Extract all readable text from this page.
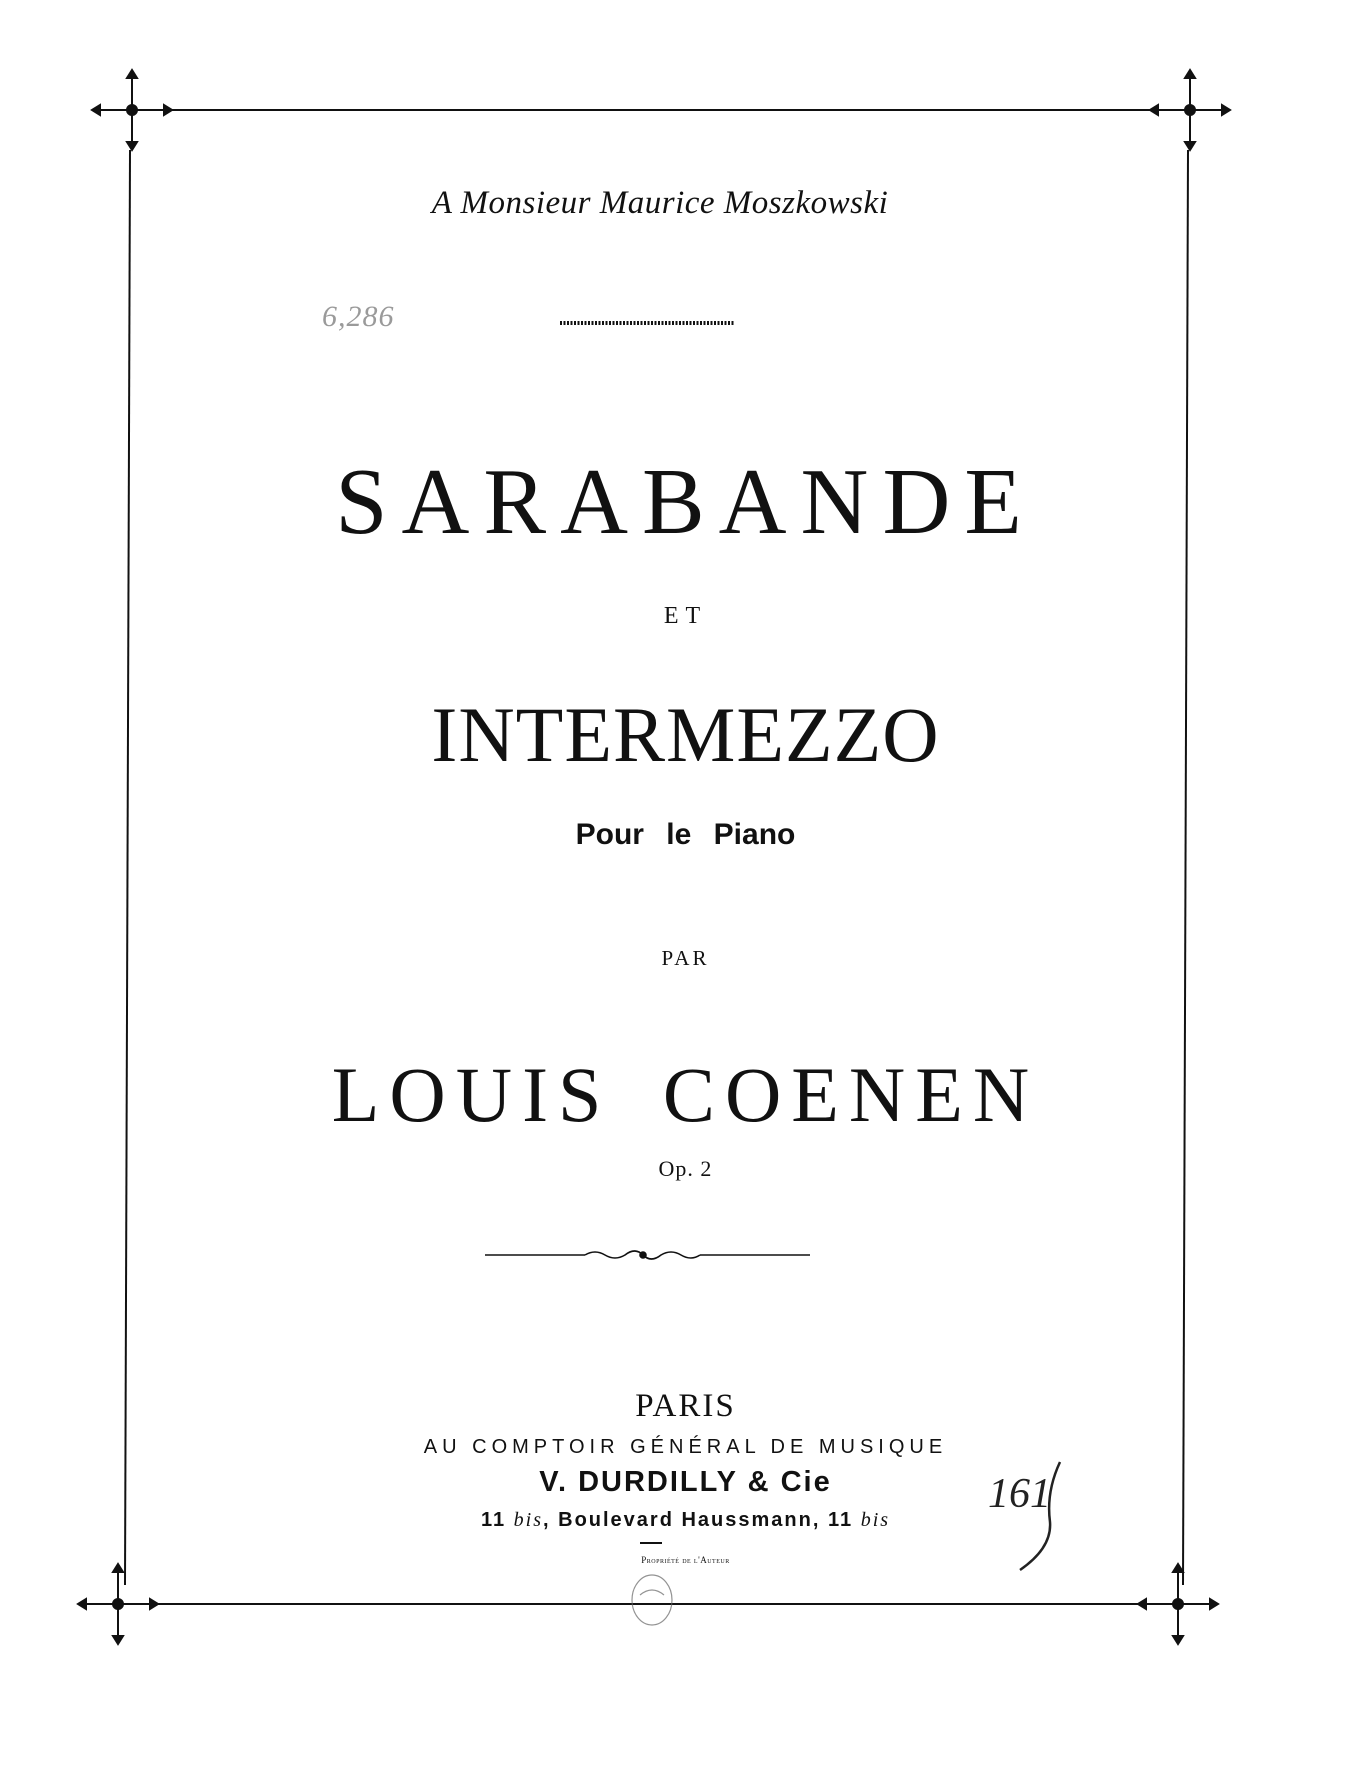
A Monsieur Maurice Moszkowski
6,286
SARABANDE
ET
INTERMEZZO
Pour le Piano
PAR
LOUIS COENEN
Op. 2
PARIS
AU COMPTOIR GÉNÉRAL DE MUSIQUE
V. DURDILLY & Cie
11 bis, Boulevard Haussmann, 11 bis
Propriété de l'Auteur
161
